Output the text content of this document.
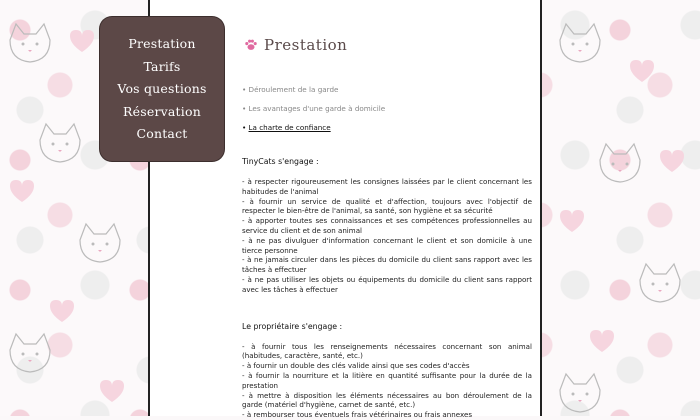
Prestation
Tarifs
Vos questions
Réservation
Contact
Prestation
• Déroulement de la garde
• Les avantages d'une garde à domicile
• La charte de confiance
TinyCats s'engage :

- à respecter rigoureusement les consignes laissées par le client concernant les habitudes de l'animal

- à fournir un service de qualité et d'affection, toujours avec l'objectif de respecter le bien-être de l'animal, sa santé, son hygiène et sa sécurité

- à apporter toutes ses connaissances et ses compétences professionnelles au service du client et de son animal

- à ne pas divulguer d'information concernant le client et son domicile à une tierce personne

- à ne jamais circuler dans les pièces du domicile du client sans rapport avec les tâches à effectuer

- à ne pas utiliser les objets ou équipements du domicile du client sans rapport avec les tâches à effectuer

Le propriétaire s'engage :

- à fournir tous les renseignements nécessaires concernant son animal (habitudes, caractère, santé, etc.)

- à fournir un double des clés valide ainsi que ses codes d'accès

- à fournir la nourriture et la litière en quantité suffisante pour la durée de la prestation

- à mettre à disposition les éléments nécessaires au bon déroulement de la garde (matériel d'hygiène, carnet de santé, etc.)

- à rembourser tous éventuels frais vétérinaires ou frais annexes
